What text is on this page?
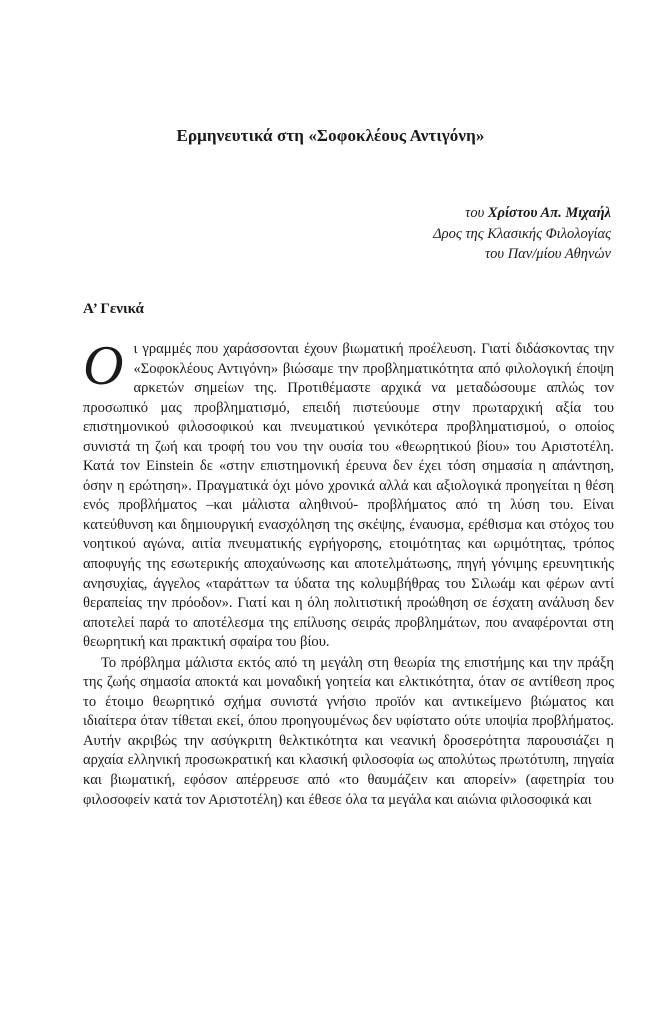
Ερμηνευτικά στη «Σοφοκλέους Αντιγόνη»
του Χρίστου Απ. Μιχαήλ
Δρος της Κλασικής Φιλολογίας
του Παν/μίου Αθηνών
Α’ Γενικά

Οι γραμμές που χαράσσονται έχουν βιωματική προέλευση. Γιατί διδάσκοντας την «Σοφοκλέους Αντιγόνη» βιώσαμε την προβληματικότητα από φιλολογική έποψη αρκετών σημείων της. Προτιθέμαστε αρχικά να μεταδώσουμε απλώς τον προσωπικό μας προβληματισμό, επειδή πιστεύουμε στην πρωταρχική αξία του επιστημονικού φιλοσοφικού και πνευματικού γενικότερα προβληματισμού, ο οποίος συνιστά τη ζωή και τροφή του νου την ουσία του «θεωρητικού βίου» του Αριστοτέλη. Κατά τον Einstein δε «στην επιστημονική έρευνα δεν έχει τόση σημασία η απάντηση, όσην η ερώτηση». Πραγματικά όχι μόνο χρονικά αλλά και αξιολογικά προηγείται η θέση ενός προβλήματος –και μάλιστα αληθινού- προβλήματος από τη λύση του. Είναι κατεύθυνση και δημιουργική ενασχόληση της σκέψης, έναυσμα, ερέθισμα και στόχος του νοητικού αγώνα, αιτία πνευματικής εγρήγορσης, ετοιμότητας και ωριμότητας, τρόπος αποφυγής της εσωτερικής αποχαύνωσης και αποτελμάτωσης, πηγή γόνιμης ερευνητικής ανησυχίας, άγγελος «ταράττων τα ύδατα της κολυμβήθρας του Σιλωάμ και φέρων αντί θεραπείας την πρόοδον». Γιατί και η όλη πολιτιστική προώθηση σε έσχατη ανάλυση δεν αποτελεί παρά το αποτέλεσμα της επίλυσης σειράς προβλημάτων, που αναφέρονται στη θεωρητική και πρακτική σφαίρα του βίου.

Το πρόβλημα μάλιστα εκτός από τη μεγάλη στη θεωρία της επιστήμης και την πράξη της ζωής σημασία αποκτά και μοναδική γοητεία και ελκτικότητα, όταν σε αντίθεση προς το έτοιμο θεωρητικό σχήμα συνιστά γνήσιο προϊόν και αντικείμενο βιώματος και ιδιαίτερα όταν τίθεται εκεί, όπου προηγουμένως δεν υφίστατο ούτε υποψία προβλήματος. Αυτήν ακριβώς την ασύγκριτη θελκτικότητα και νεανική δροσερότητα παρουσιάζει η αρχαία ελληνική προσωκρατική και κλασική φιλοσοφία ως απολύτως πρωτότυπη, πηγαία και βιωματική, εφόσον απέρρευσε από «το θαυμάζειν και απορείν» (αφετηρία του φιλοσοφείν κατά τον Αριστοτέλη) και έθεσε όλα τα μεγάλα και αιώνια φιλοσοφικά και
